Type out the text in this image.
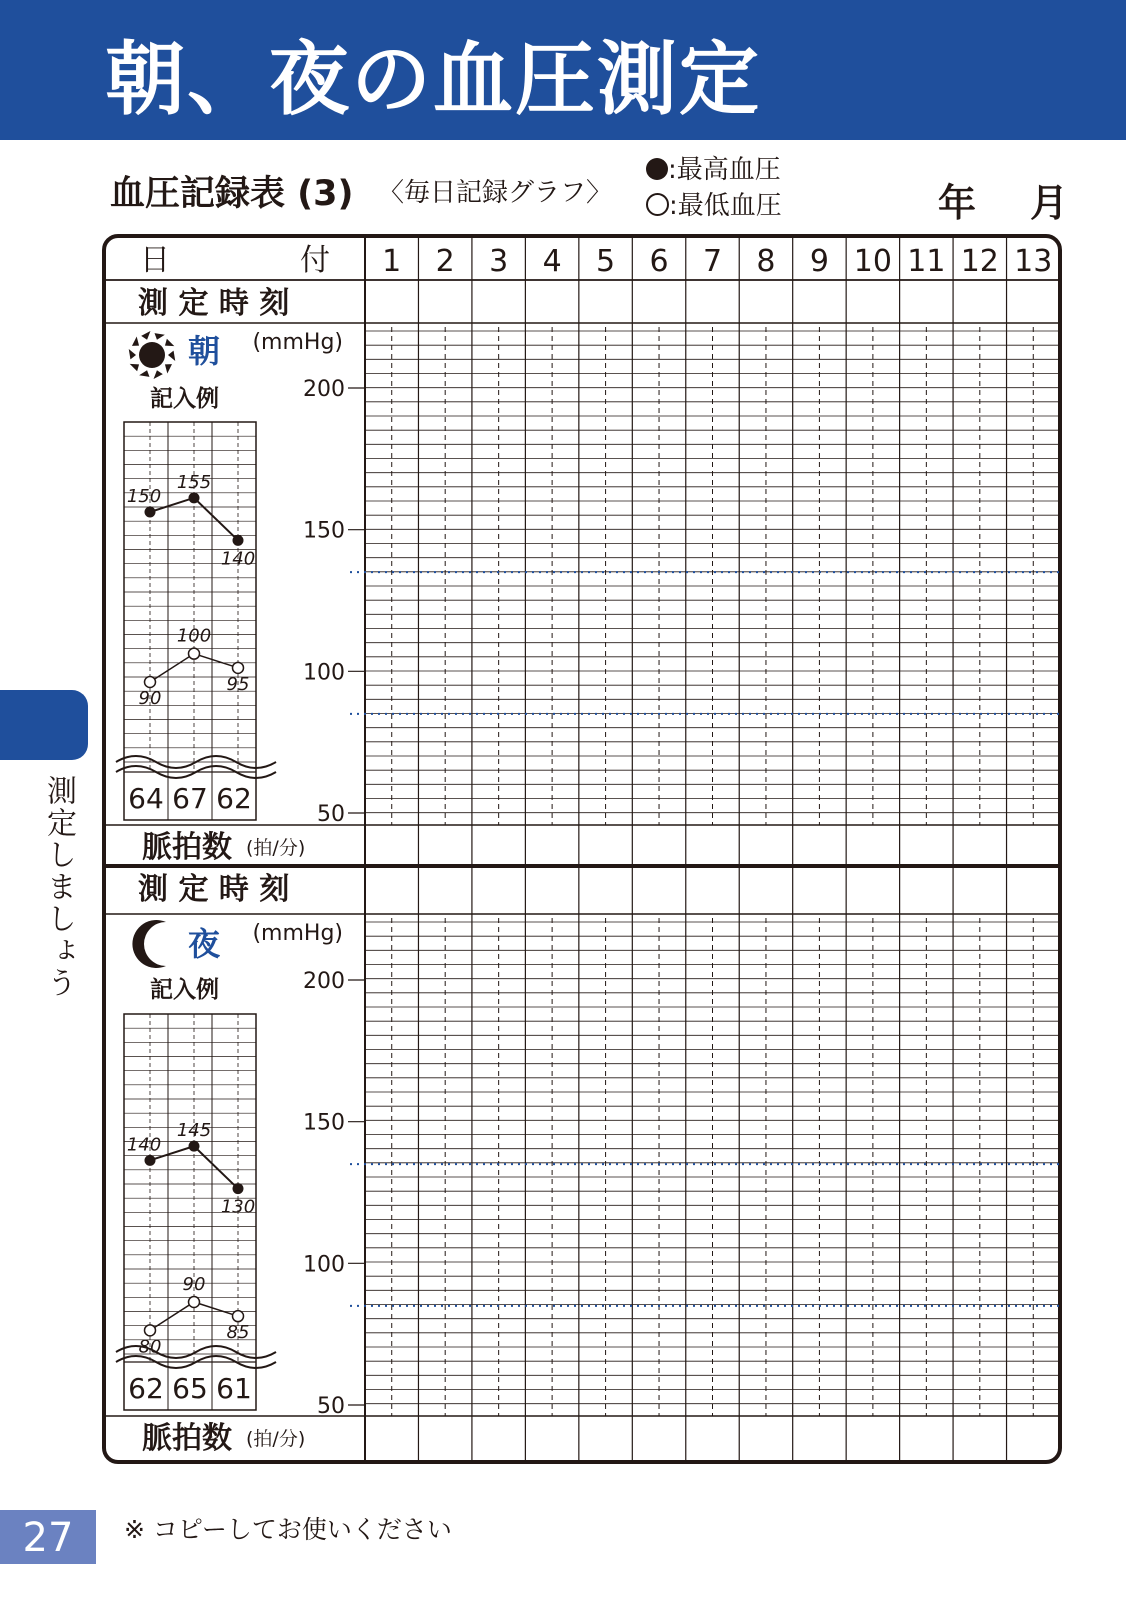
朝、夜の血圧測定
血圧記録表 (3) 〈毎日記録グラフ〉
:最高血圧
:最低血圧	年 月
日	付 1 2 3 4 5 6 7 8 9 10 11 12 13
測 定 時 刻
200
150
100
50
(mmHg)
朝
記入例
64 67 62
150
155
140
90
100
95
脈拍数 (拍/分)
測 定 時 刻
200
150
100
50
(mmHg)
夜
記入例
62 65 61
140
145
130
80
90
85
脈拍数 (拍/分)
測定しましょう
27	※ コピーしてお使いください
